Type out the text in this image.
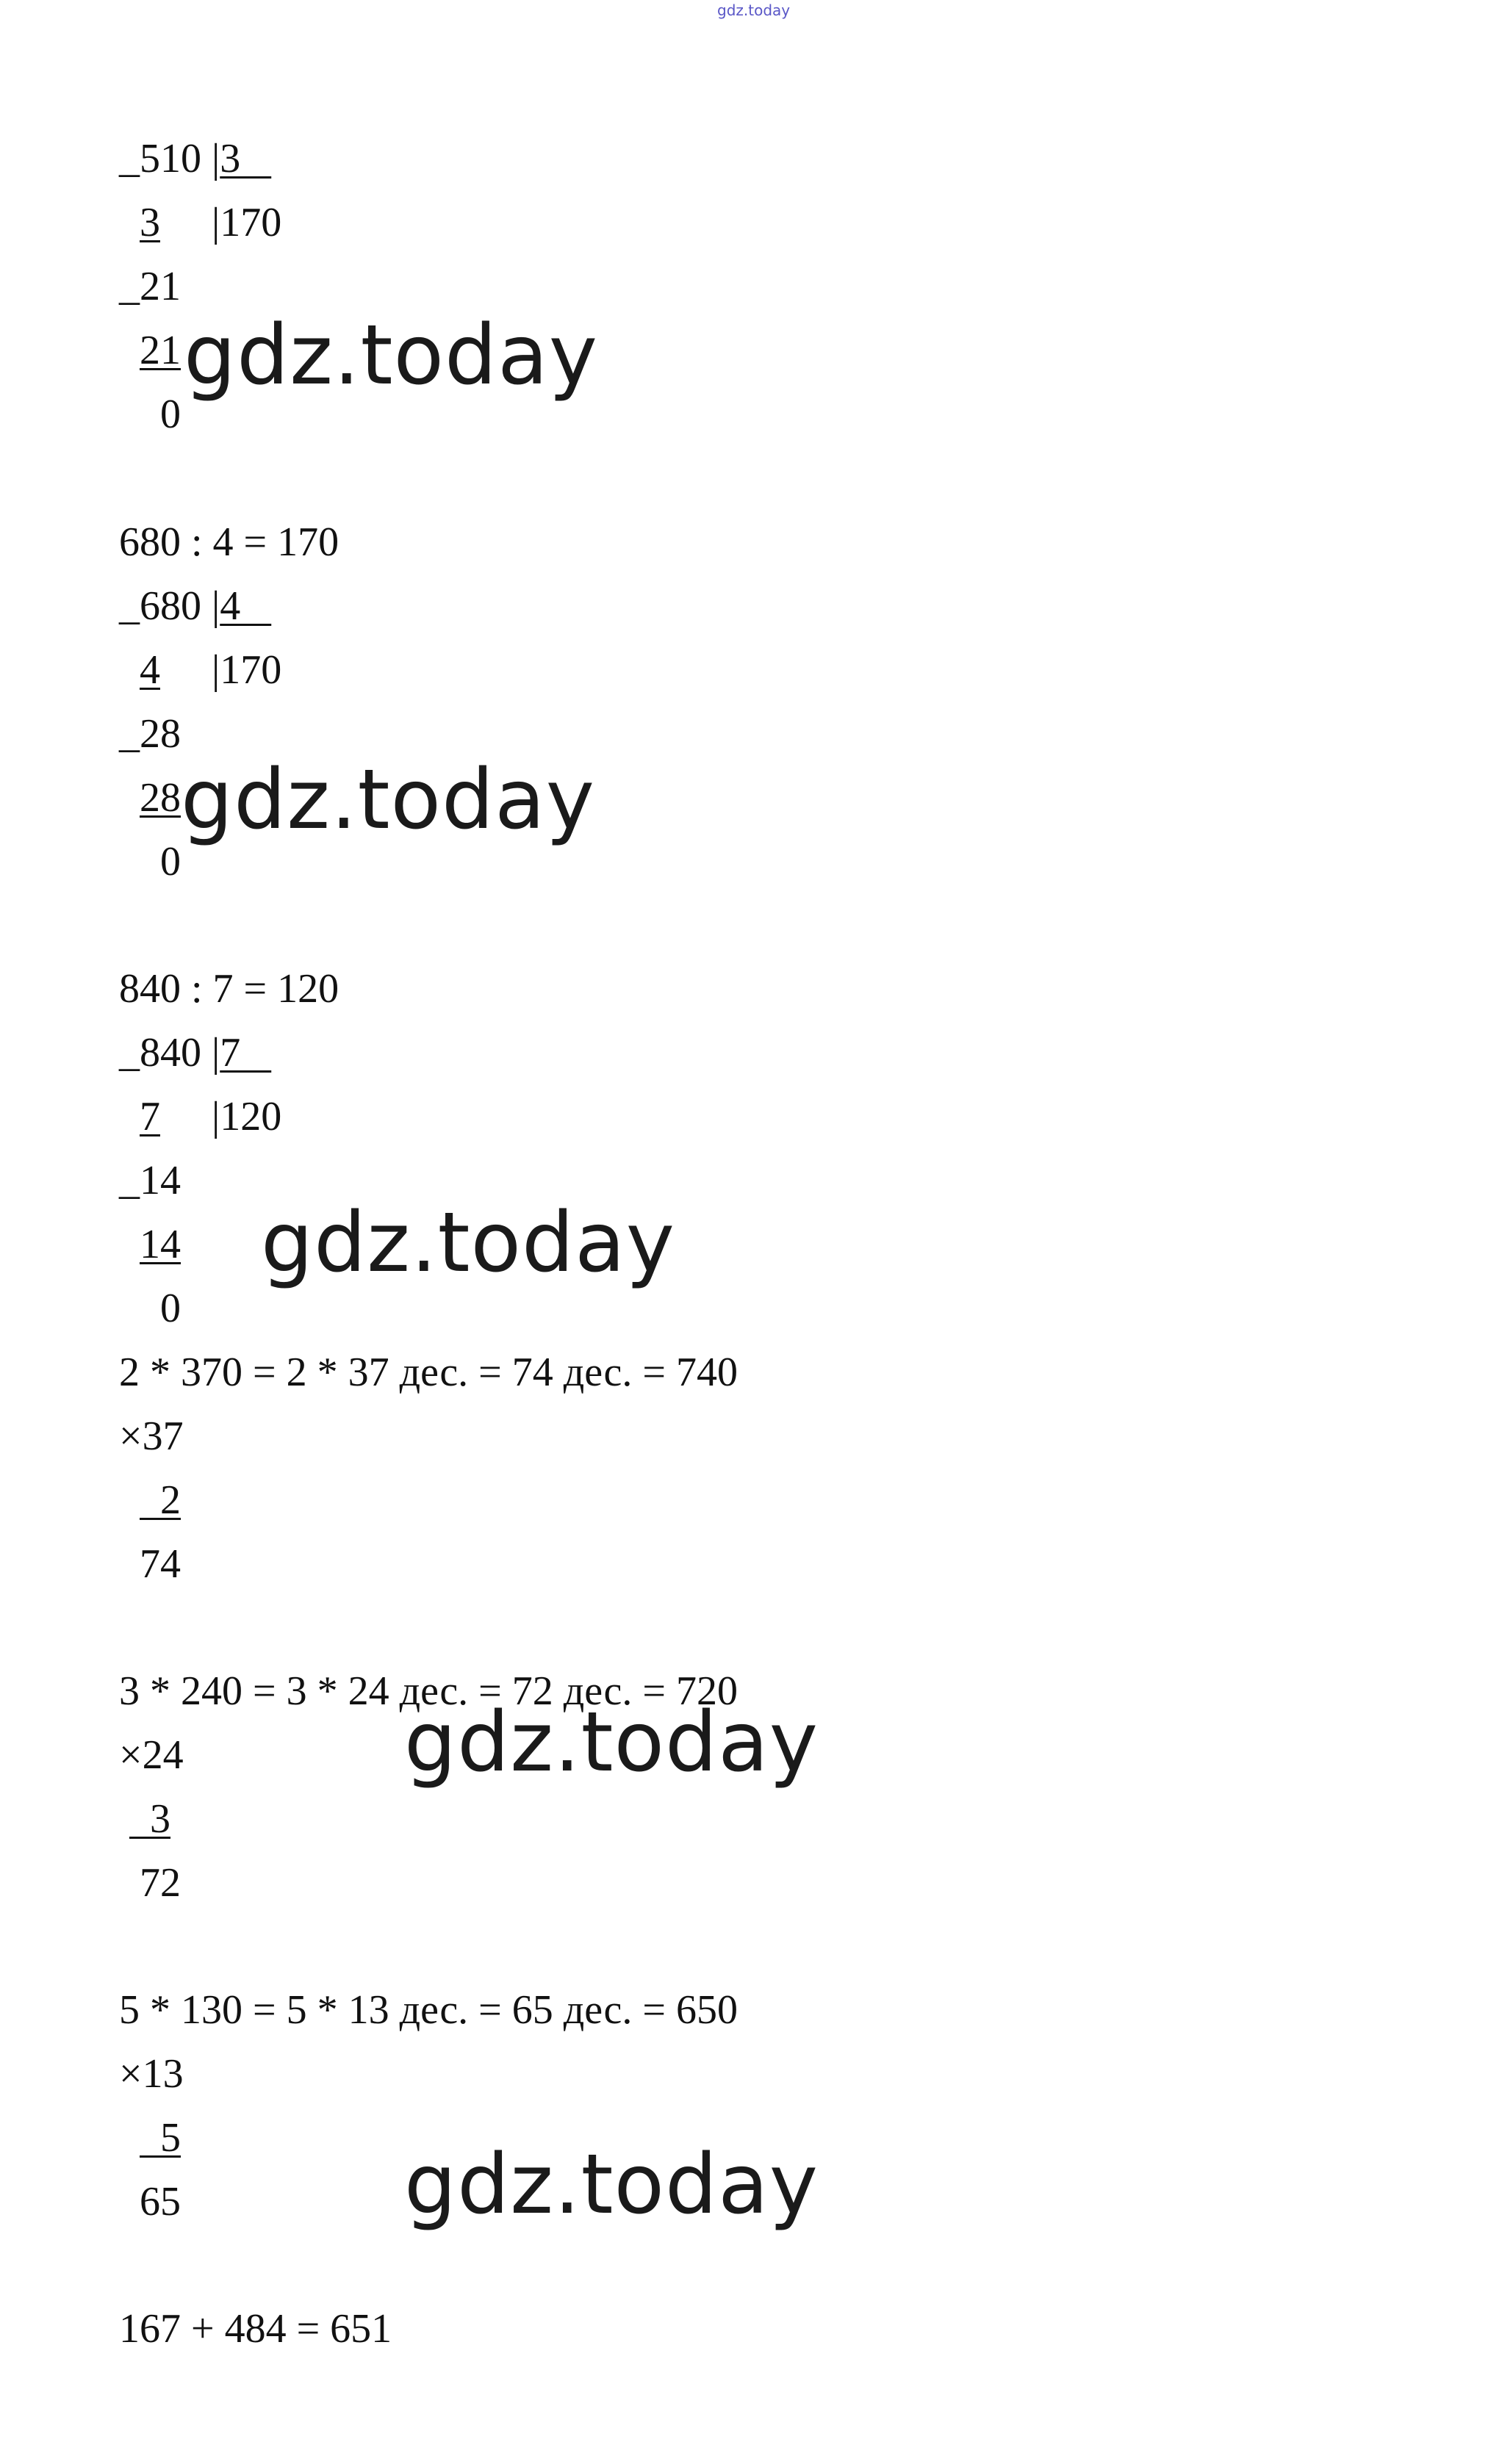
gdz.today
_510 |3
3 |170
_21
21
0
gdz.today
680 : 4 = 170
_680 |4
4 |170
_28
28
0
gdz.today
840 : 7 = 120
_840 |7
7 |120
_14
14
0
gdz.today
2 * 370 = 2 * 37 дес. = 74 дес. = 740
×37
2
74
3 * 240 = 3 * 24 дес. = 72 дес. = 720
×24
3
72
gdz.today
5 * 130 = 5 * 13 дес. = 65 дес. = 650
×13
5
65	gdz.today
167 + 484 = 651
